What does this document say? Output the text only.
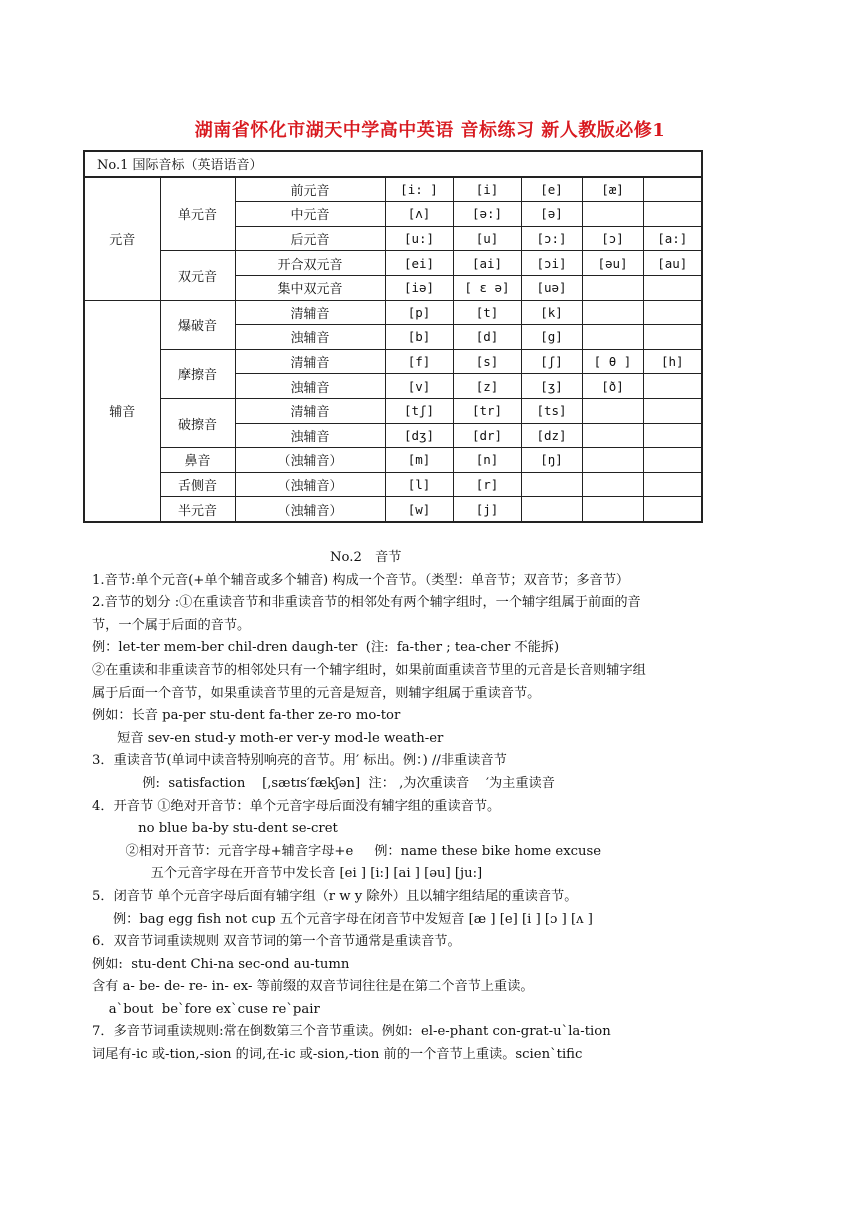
湖南省怀化市湖天中学高中英语 音标练习 新人教版必修1
No.1 国际音标（英语语音）							
元音	单元音	前元音	[i: ]	[i]	[e]	[æ]	
		中元音	[ʌ]	[ə:]	[ə]		
		后元音	[u:]	[u]	[ɔ:]	[ɔ]	[a:]
	双元音	开合双元音	[ei]	[ai]	[ɔi]	[əu]	[au]
		集中双元音	[iə]	[ ε ə]	[uə]		
辅音	爆破音	清辅音	[p]	[t]	[k]		
		浊辅音	[b]	[d]	[g]		
	摩擦音	清辅音	[f]	[s]	[ʃ]	[ θ ]	[h]
		浊辅音	[v]	[z]	[ʒ]	[ð]	
	破擦音	清辅音	[tʃ]	[tr]	[ts]		
		浊辅音	[dʒ]	[dr]	[dz]		
	鼻音	（浊辅音）	[m]	[n]	[ŋ]		
	舌侧音	（浊辅音）	[l]	[r]			
	半元音	（浊辅音）	[w]	[j]			
No.2　音节
1.音节:单个元音(+单个辅音或多个辅音) 构成一个音节。（类型：单音节；双音节；多音节）
2.音节的划分 :①在重读音节和非重读音节的相邻处有两个辅字组时，一个辅字组属于前面的音
节，一个属于后面的音节。
例：let-ter mem-ber chil-dren daugh-ter  (注:  fa-ther ; tea-cher 不能拆)
②在重读和非重读音节的相邻处只有一个辅字组时，如果前面重读音节里的元音是长音则辅字组
属于后面一个音节，如果重读音节里的元音是短音，则辅字组属于重读音节。
例如：长音 pa-per stu-dent fa-ther ze-ro mo-tor
短音 sev-en stud-y moth-er ver-y mod-le weath-er
3．重读音节(单词中读音特别响亮的音节。用′ 标出。例：) //非重读音节
例:  satisfaction    [,sætɪs′fækʃən]  注： ,为次重读音    ′为主重读音
4．开音节 ①绝对开音节：单个元音字母后面没有辅字组的重读音节。
no blue ba-by stu-dent se-cret
②相对开音节：元音字母+辅音字母+e     例：name these bike home excuse
五个元音字母在开音节中发长音 [ei ] [i:] [ai ] [əu] [ju:]
5．闭音节 单个元音字母后面有辅字组（r w y 除外）且以辅字组结尾的重读音节。
例：bag egg fish not cup 五个元音字母在闭音节中发短音 [æ ] [e] [i ] [ɔ ] [ʌ ]
6．双音节词重读规则 双音节词的第一个音节通常是重读音节。
例如:  stu-dent Chi-na sec-ond au-tumn
含有 a- be- de- re- in- ex- 等前缀的双音节词往往是在第二个音节上重读。
a`bout  be`fore ex`cuse re`pair
7．多音节词重读规则:常在倒数第三个音节重读。例如:  el-e-phant con-grat-u`la-tion
词尾有-ic 或-tion,-sion 的词,在-ic 或-sion,-tion 前的一个音节上重读。scien`tific
